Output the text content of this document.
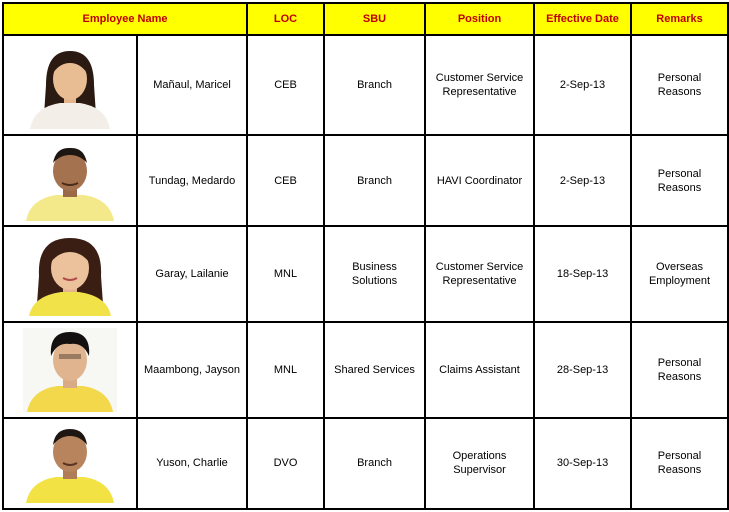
Employee Name		LOC	SBU	Position	Effective Date	Remarks

	Mañaul, Maricel	CEB	Branch	Customer Service
Representative	2-Sep-13	Personal
Reasons

	Tundag, Medardo	CEB	Branch	HAVI Coordinator	2-Sep-13	Personal
Reasons

	Garay, Lailanie	MNL	Business
Solutions	Customer Service
Representative	18-Sep-13	Overseas
Employment

	Maambong, Jayson	MNL	Shared Services	Claims Assistant	28-Sep-13	Personal
Reasons

	Yuson, Charlie	DVO	Branch	Operations
Supervisor	30-Sep-13	Personal
Reasons
